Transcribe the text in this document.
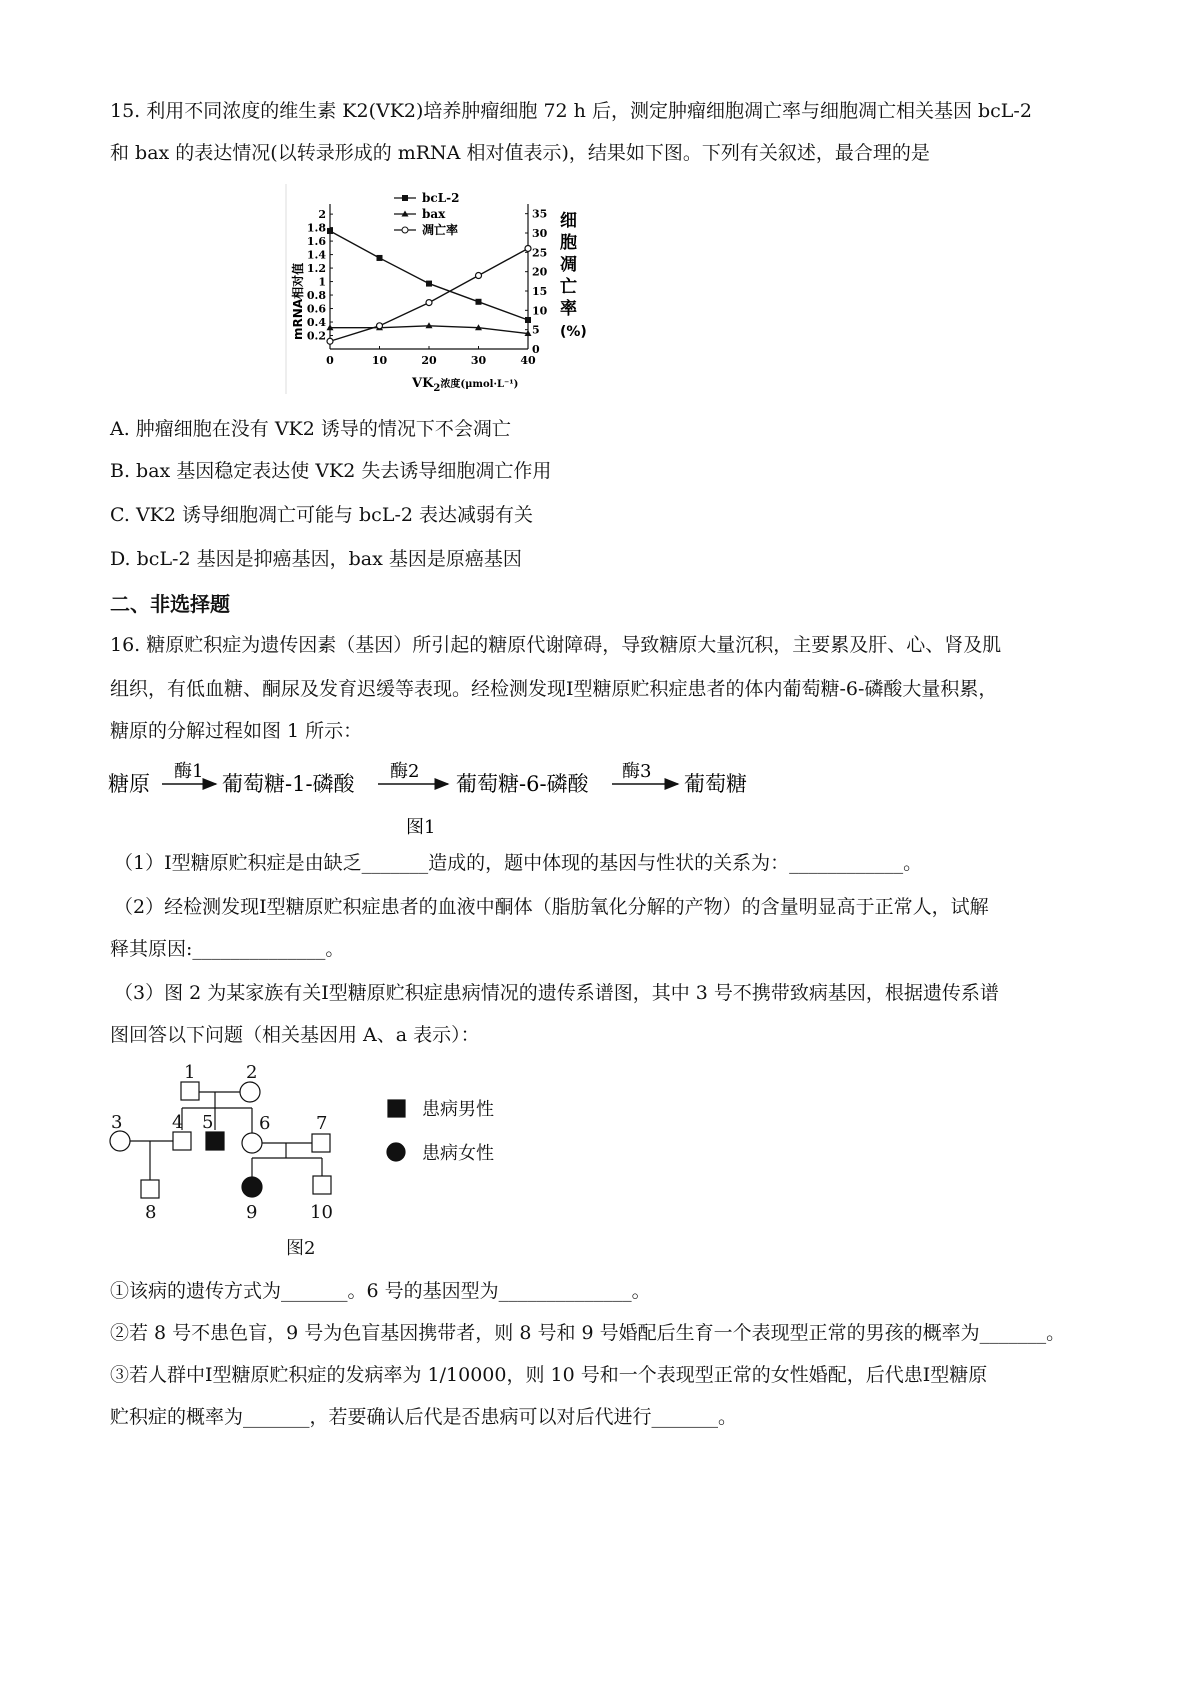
15. 利用不同浓度的维生素 K2(VK2)培养肿瘤细胞 72 h 后，测定肿瘤细胞凋亡率与细胞凋亡相关基因 bcL-2
和 bax 的表达情况(以转录形成的 mRNA 相对值表示)，结果如下图。下列有关叙述，最合理的是
0	10	20	30	40
2
1.8
1.6
1.4
1.2
1
0.8
0.6
0.4
0.2
35
30
25
20
15
10
5
0
bcL-2
bax
凋亡率
mRNA相对值
细
胞
凋
亡
率
(%)
$VK_2^{浓度(\mu mol\cdot L^{-1})}$
A. 肿瘤细胞在没有 VK2 诱导的情况下不会凋亡
B. bax 基因稳定表达使 VK2 失去诱导细胞凋亡作用
C. VK2 诱导细胞凋亡可能与 bcL-2 表达减弱有关
D. bcL-2 基因是抑癌基因，bax 基因是原癌基因
二、非选择题
16. 糖原贮积症为遗传因素（基因）所引起的糖原代谢障碍，导致糖原大量沉积，主要累及肝、心、肾及肌
组织，有低血糖、酮尿及发育迟缓等表现。经检测发现Ⅰ型糖原贮积症患者的体内葡萄糖-6-磷酸大量积累，
糖原的分解过程如图 1 所示：
糖原
酶1
葡萄糖-1-磷酸
酶2
葡萄糖-6-磷酸
酶3
葡萄糖
图1
（1）Ⅰ型糖原贮积症是由缺乏_______造成的，题中体现的基因与性状的关系为：____________。
（2）经检测发现Ⅰ型糖原贮积症患者的血液中酮体（脂肪氧化分解的产物）的含量明显高于正常人，试解
释其原因:______________。
（3）图 2 为某家族有关Ⅰ型糖原贮积症患病情况的遗传系谱图，其中 3 号不携带致病基因，根据遗传系谱
图回答以下问题（相关基因用 A、a 表示）：
1	2
3	4 5	6	7
8	9	10
患病男性
患病女性
图2
①该病的遗传方式为_______。6 号的基因型为______________。
②若 8 号不患色盲，9 号为色盲基因携带者，则 8 号和 9 号婚配后生育一个表现型正常的男孩的概率为_______。
③若人群中Ⅰ型糖原贮积症的发病率为 1/10000，则 10 号和一个表现型正常的女性婚配，后代患Ⅰ型糖原
贮积症的概率为_______，若要确认后代是否患病可以对后代进行_______。
